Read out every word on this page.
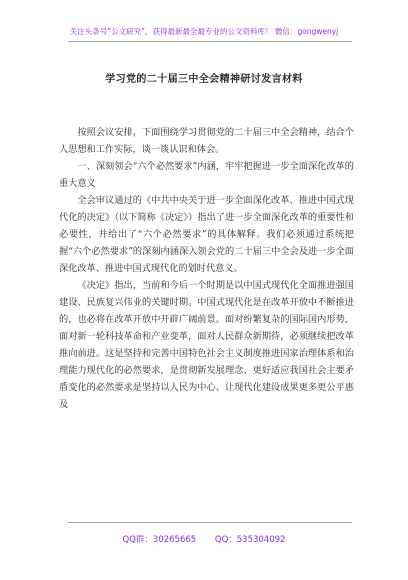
关注头条号“公文研究”，获得最新最全最专业的公文资料库！ 微信：gongwenyj
学习党的二十届三中全会精神研讨发言材料

按照会议安排，下面围绕学习贯彻党的二十届三中全会精神，结合个人思想和工作实际，谈一谈认识和体会。

一、深刻领会“六个必然要求”内涵，牢牢把握进一步全面深化改革的重大意义

全会审议通过的《中共中央关于进一步全面深化改革、推进中国式现代化的决定》（以下简称《决定》）指出了进一步全面深化改革的重要性和必要性，并给出了“六个必然要求”的具体解释。我们必须通过系统把握“六个必然要求”的深刻内涵深入领会党的二十届三中全会及进一步全面深化改革、推进中国式现代化的划时代意义。

《决定》指出，当前和今后一个时期是以中国式现代化全面推进强国建设、民族复兴伟业的关键时期。中国式现代化是在改革开放中不断推进的，也必将在改革开放中开辟广阔前景。面对纷繁复杂的国际国内形势，面对新一轮科技革命和产业变革，面对人民群众新期待，必须继续把改革推向前进。这是坚持和完善中国特色社会主义制度推进国家治理体系和治理能力现代化的必然要求，是贯彻新发展理念、更好适应我国社会主要矛盾变化的必然要求是坚持以人民为中心、让现代化建设成果更多更公平惠及

QQ群：30265665 QQ：535304092
